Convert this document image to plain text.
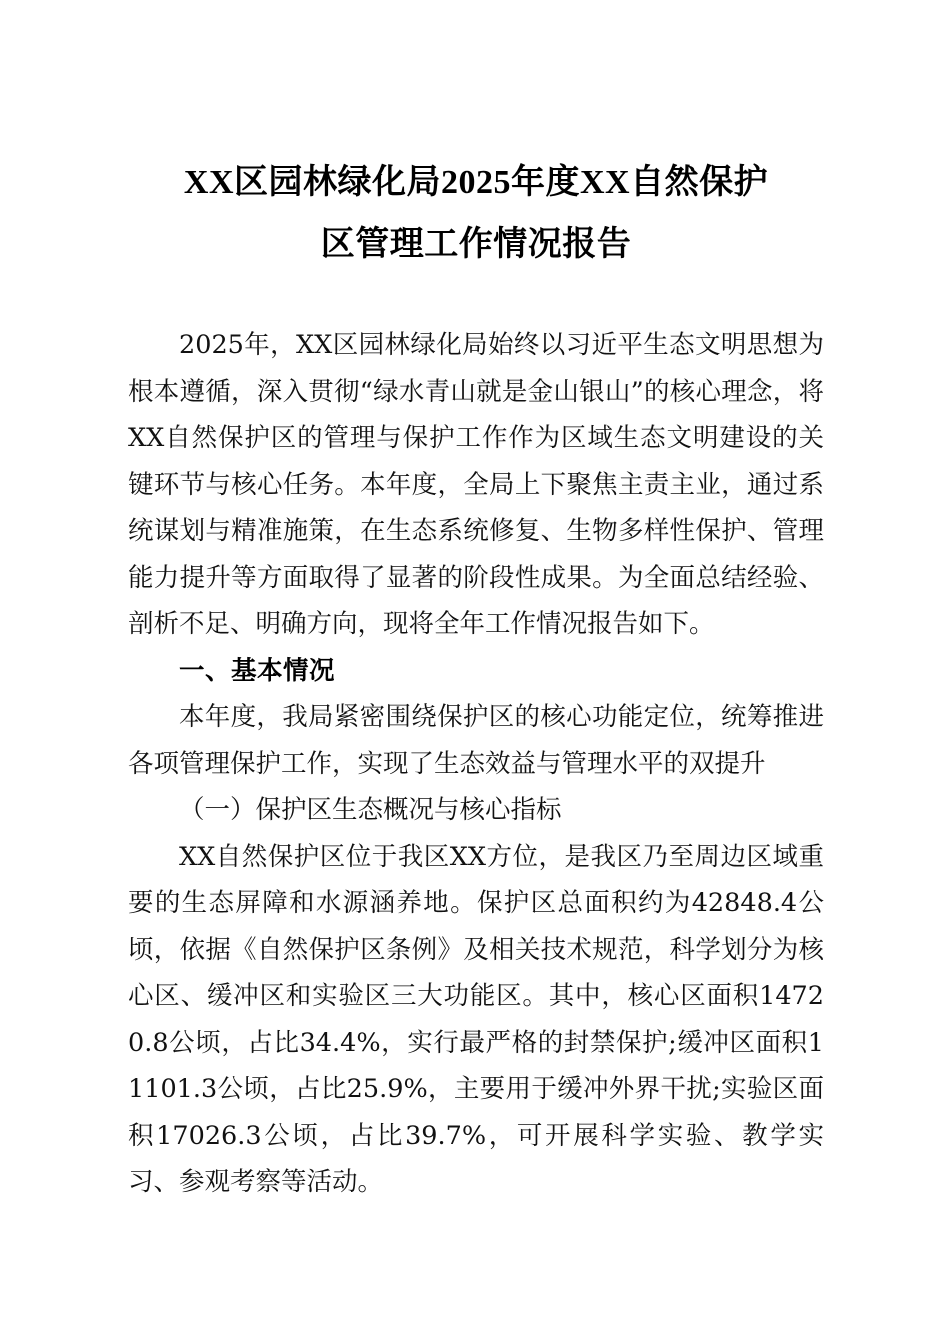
XX区园林绿化局2025年度XX自然保护
区管理工作情况报告

2025年，XX区园林绿化局始终以习近平生态文明思想为根本遵循，深入贯彻“绿水青山就是金山银山”的核心理念，将XX自然保护区的管理与保护工作作为区域生态文明建设的关键环节与核心任务。本年度，全局上下聚焦主责主业，通过系统谋划与精准施策，在生态系统修复、生物多样性保护、管理能力提升等方面取得了显著的阶段性成果。为全面总结经验、剖析不足、明确方向，现将全年工作情况报告如下。

一、基本情况

本年度，我局紧密围绕保护区的核心功能定位，统筹推进各项管理保护工作，实现了生态效益与管理水平的双提升

（一）保护区生态概况与核心指标

XX自然保护区位于我区XX方位，是我区乃至周边区域重要的生态屏障和水源涵养地。保护区总面积约为42848.4公顷，依据《自然保护区条例》及相关技术规范，科学划分为核心区、缓冲区和实验区三大功能区。其中，核心区面积14720.8公顷，占比34.4%，实行最严格的封禁保护;缓冲区面积11101.3公顷，占比25.9%，主要用于缓冲外界干扰;实验区面积17026.3公顷，占比39.7%，可开展科学实验、教学实习、参观考察等活动。
